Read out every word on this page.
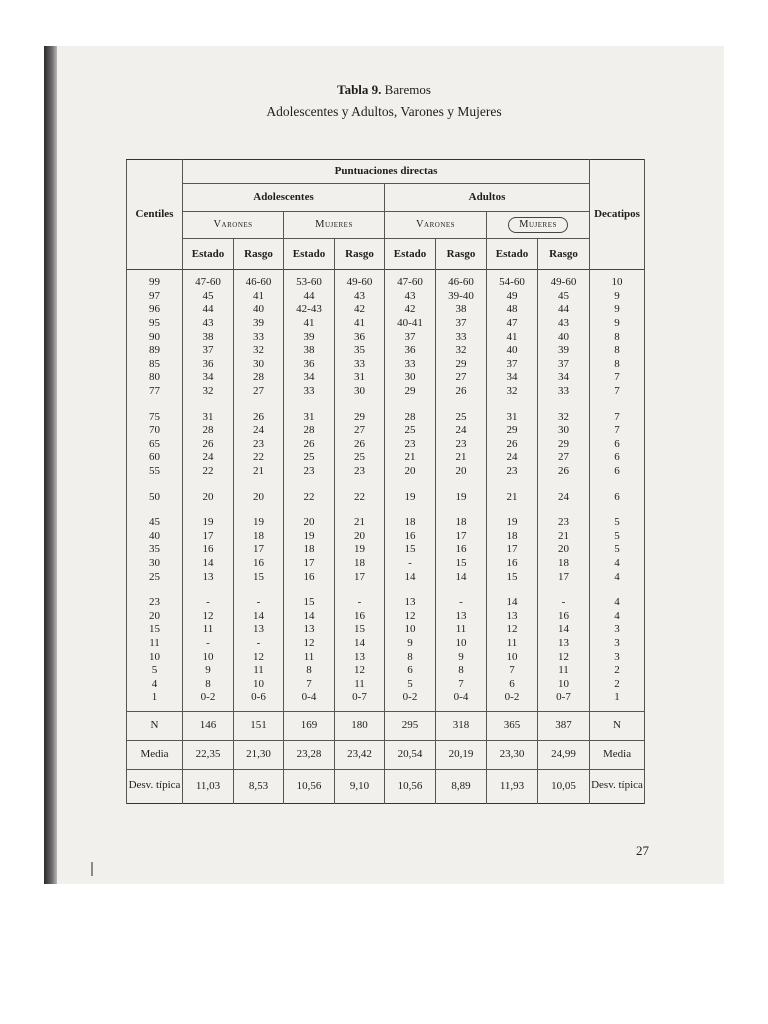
Tabla 9. Baremos
Adolescentes y Adultos, Varones y Mujeres
Centiles	Puntuaciones directas								Decatipos
	Adolescentes				Adultos				
	Varones		Mujeres		Varones		Mujeres		
	Estado	Rasgo	Estado	Rasgo	Estado	Rasgo	Estado	Rasgo	

99	47-60	46-60	53-60	49-60	47-60	46-60	54-60	49-60	10
97	45	41	44	43	43	39-40	49	45	9
96	44	40	42-43	42	42	38	48	44	9
95	43	39	41	41	40-41	37	47	43	9
90	38	33	39	36	37	33	41	40	8
89	37	32	38	35	36	32	40	39	8
85	36	30	36	33	33	29	37	37	8
80	34	28	34	31	30	27	34	34	7
77	32	27	33	30	29	26	32	33	7

75	31	26	31	29	28	25	31	32	7
70	28	24	28	27	25	24	29	30	7
65	26	23	26	26	23	23	26	29	6
60	24	22	25	25	21	21	24	27	6
55	22	21	23	23	20	20	23	26	6

50	20	20	22	22	19	19	21	24	6

45	19	19	20	21	18	18	19	23	5
40	17	18	19	20	16	17	18	21	5
35	16	17	18	19	15	16	17	20	5
30	14	16	17	18	-	15	16	18	4
25	13	15	16	17	14	14	15	17	4

23	-	-	15	-	13	-	14	-	4
20	12	14	14	16	12	13	13	16	4
15	11	13	13	15	10	11	12	14	3
11	-	-	12	14	9	10	11	13	3
10	10	12	11	13	8	9	10	12	3
5	9	11	8	12	6	8	7	11	2
4	8	10	7	11	5	7	6	10	2
1	0-2	0-6	0-4	0-7	0-2	0-4	0-2	0-7	1

N	146	151	169	180	295	318	365	387	N
Media	22,35	21,30	23,28	23,42	20,54	20,19	23,30	24,99	Media
Desv. típica	11,03	8,53	10,56	9,10	10,56	8,89	11,93	10,05	Desv. típica
27
